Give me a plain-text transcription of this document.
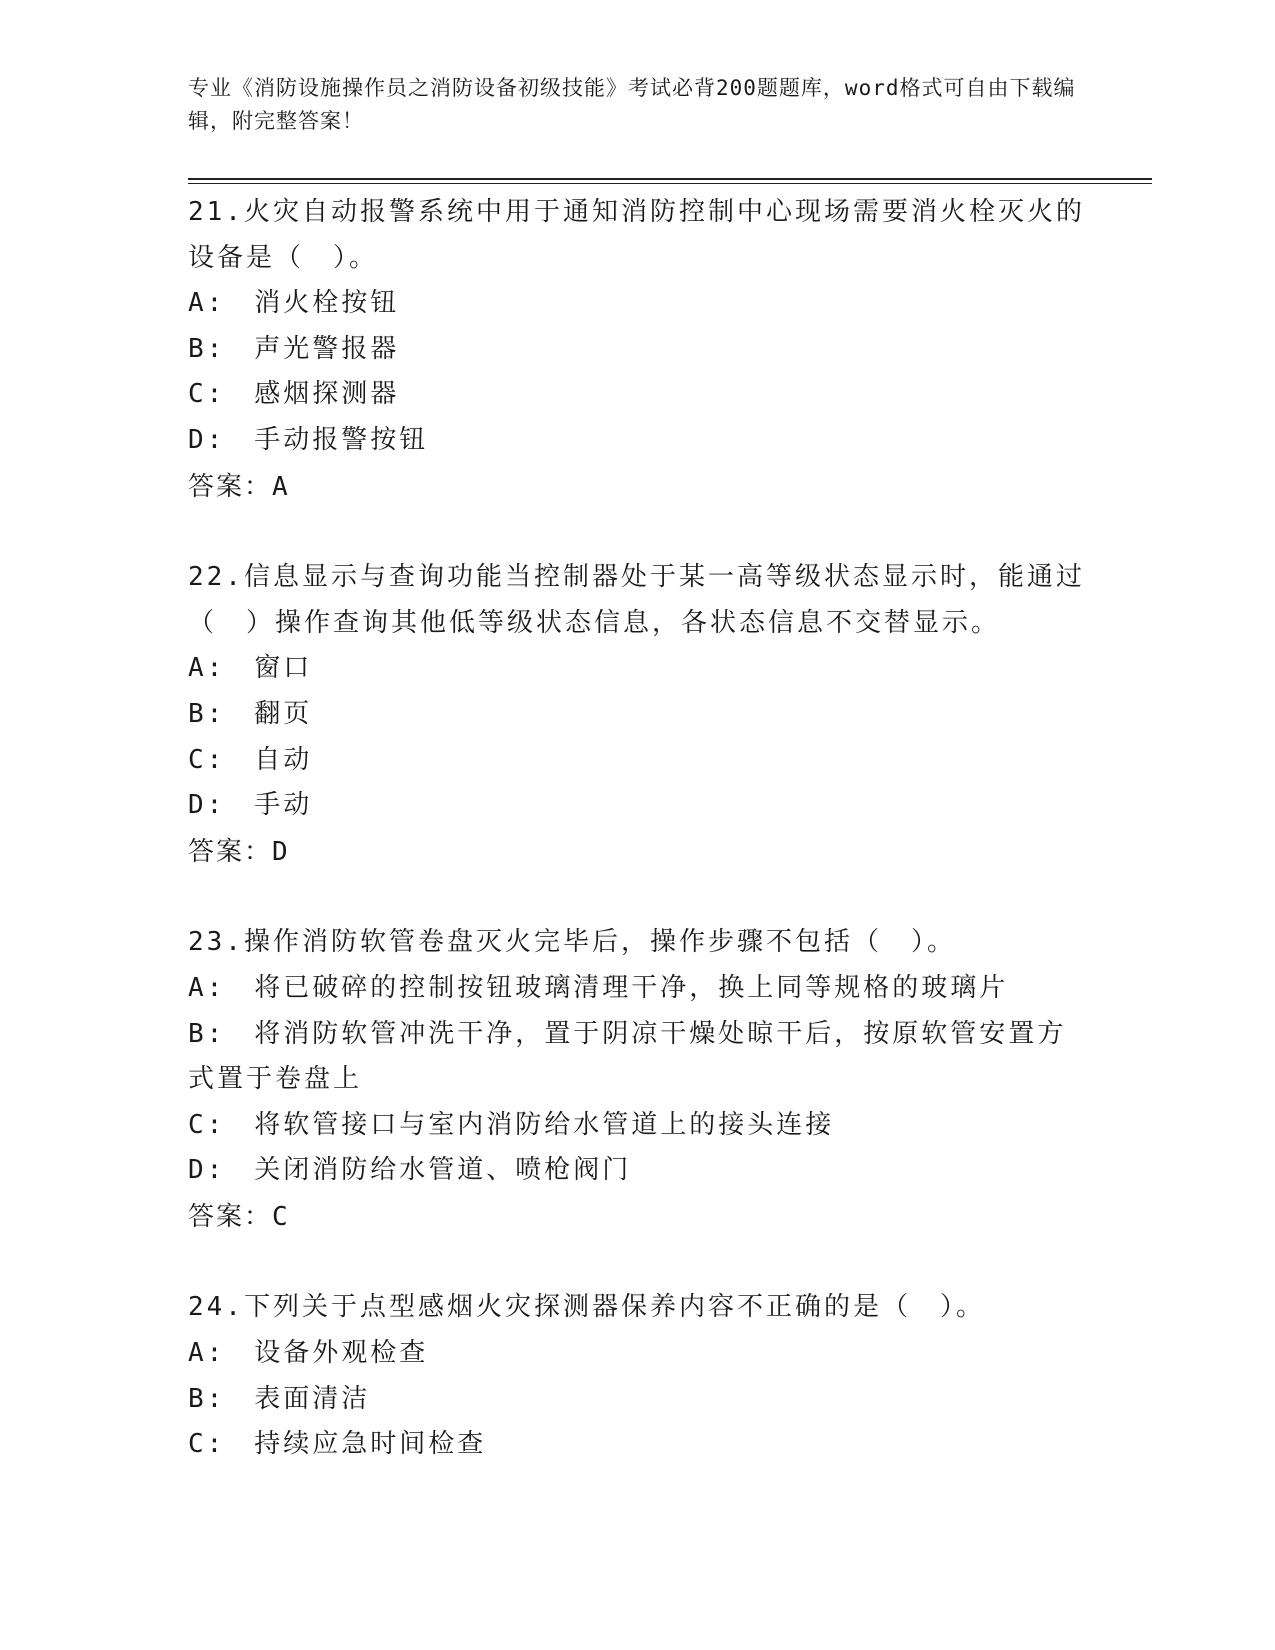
专业《消防设施操作员之消防设备初级技能》考试必背200题题库，word格式可自由下载编辑，附完整答案！

21.火灾自动报警系统中用于通知消防控制中心现场需要消火栓灭火的设备是（　）。

A:　消火栓按钮

B:　声光警报器

C:　感烟探测器

D:　手动报警按钮

答案：A

22.信息显示与查询功能当控制器处于某一高等级状态显示时，能通过（　）操作查询其他低等级状态信息，各状态信息不交替显示。

A:　窗口

B:　翻页

C:　自动

D:　手动

答案：D

23.操作消防软管卷盘灭火完毕后，操作步骤不包括（　）。

A:　将已破碎的控制按钮玻璃清理干净，换上同等规格的玻璃片

B:　将消防软管冲洗干净，置于阴凉干燥处晾干后，按原软管安置方式置于卷盘上

C:　将软管接口与室内消防给水管道上的接头连接

D:　关闭消防给水管道、喷枪阀门

答案：C

24.下列关于点型感烟火灾探测器保养内容不正确的是（　）。

A:　设备外观检查

B:　表面清洁

C:　持续应急时间检查
